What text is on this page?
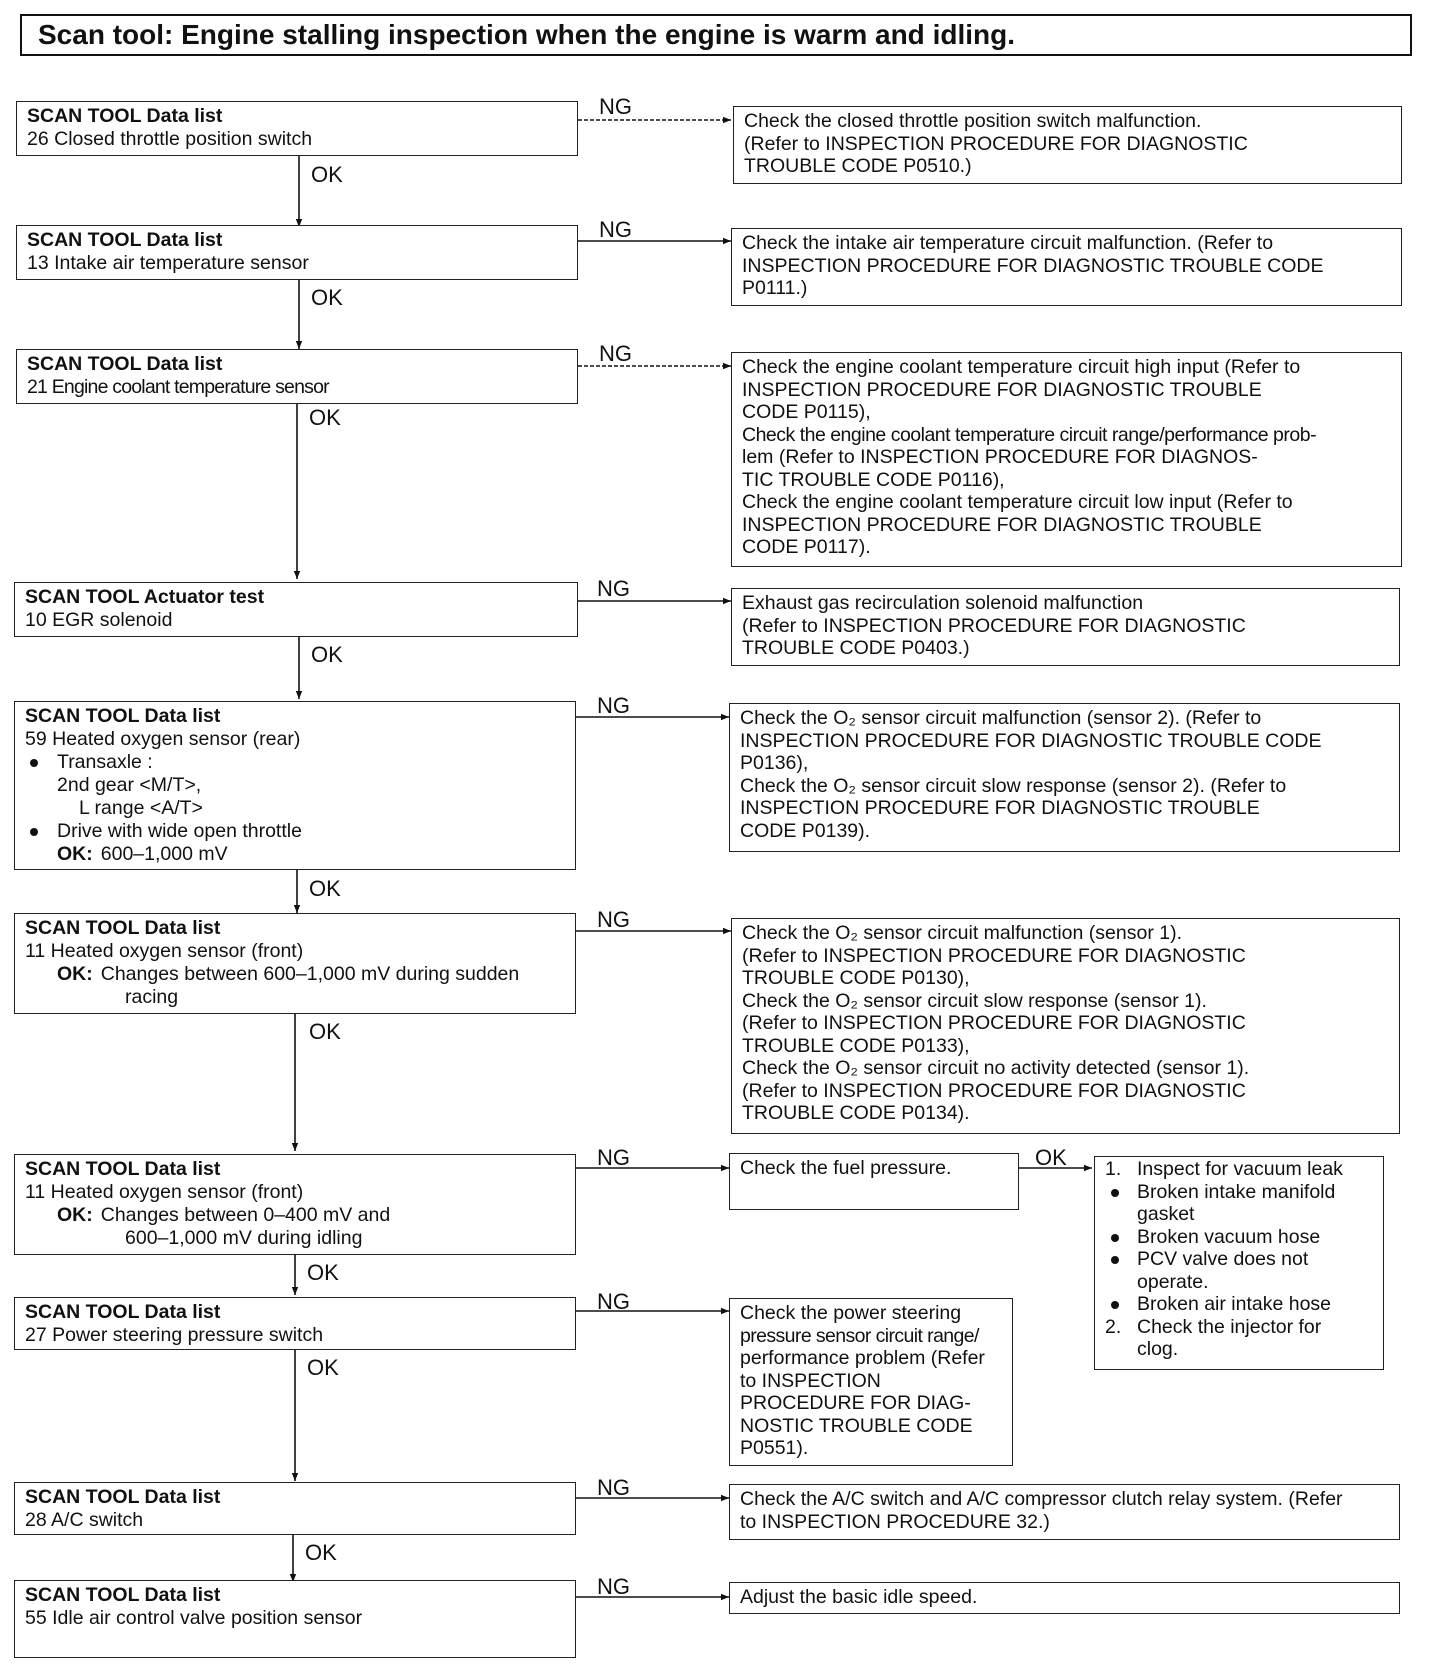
Scan tool: Engine stalling inspection when the engine is warm and idling.
SCAN TOOL Data list
26 Closed throttle position switch
NG
OK
Check the closed throttle position switch malfunction.
(Refer to INSPECTION PROCEDURE FOR DIAGNOSTIC
TROUBLE CODE P0510.)
SCAN TOOL Data list
13 Intake air temperature sensor
NG
OK
Check the intake air temperature circuit malfunction. (Refer to
INSPECTION PROCEDURE FOR DIAGNOSTIC TROUBLE CODE
P0111.)
SCAN TOOL Data list
21 Engine coolant temperature sensor
NG
OK
Check the engine coolant temperature circuit high input (Refer to
INSPECTION PROCEDURE FOR DIAGNOSTIC TROUBLE
CODE P0115),
Check the engine coolant temperature circuit range/performance prob-
lem (Refer to INSPECTION PROCEDURE FOR DIAGNOS-
TIC TROUBLE CODE P0116),
Check the engine coolant temperature circuit low input (Refer to
INSPECTION PROCEDURE FOR DIAGNOSTIC TROUBLE
CODE P0117).
SCAN TOOL Actuator test
10 EGR solenoid
NG
OK
Exhaust gas recirculation solenoid malfunction
(Refer to INSPECTION PROCEDURE FOR DIAGNOSTIC
TROUBLE CODE P0403.)
SCAN TOOL Data list
59 Heated oxygen sensor (rear)
Transaxle :
2nd gear <M/T>,
L range <A/T>
Drive with wide open throttle
OK: 600–1,000 mV
NG
OK
Check the O₂ sensor circuit malfunction (sensor 2). (Refer to
INSPECTION PROCEDURE FOR DIAGNOSTIC TROUBLE CODE
P0136),
Check the O₂ sensor circuit slow response (sensor 2). (Refer to
INSPECTION PROCEDURE FOR DIAGNOSTIC TROUBLE
CODE P0139).
SCAN TOOL Data list
11 Heated oxygen sensor (front)
OK: Changes between 600–1,000 mV during sudden
racing
NG
OK
Check the O₂ sensor circuit malfunction (sensor 1).
(Refer to INSPECTION PROCEDURE FOR DIAGNOSTIC
TROUBLE CODE P0130),
Check the O₂ sensor circuit slow response (sensor 1).
(Refer to INSPECTION PROCEDURE FOR DIAGNOSTIC
TROUBLE CODE P0133),
Check the O₂ sensor circuit no activity detected (sensor 1).
(Refer to INSPECTION PROCEDURE FOR DIAGNOSTIC
TROUBLE CODE P0134).
SCAN TOOL Data list
11 Heated oxygen sensor (front)
OK: Changes between 0–400 mV and
600–1,000 mV during idling
NG
OK
Check the fuel pressure.	OK 1. Inspect for vacuum leak
Broken intake manifold
gasket
Broken vacuum hose
PCV valve does not
operate.
Broken air intake hose
2. Check the injector for
clog.
SCAN TOOL Data list
27 Power steering pressure switch
NG
OK
Check the power steering
pressure sensor circuit range/
performance problem (Refer
to INSPECTION
PROCEDURE FOR DIAG-
NOSTIC TROUBLE CODE
P0551).
SCAN TOOL Data list
28 A/C switch
NG
OK
Check the A/C switch and A/C compressor clutch relay system. (Refer
to INSPECTION PROCEDURE 32.)
SCAN TOOL Data list
55 Idle air control valve position sensor
NG	Adjust the basic idle speed.
